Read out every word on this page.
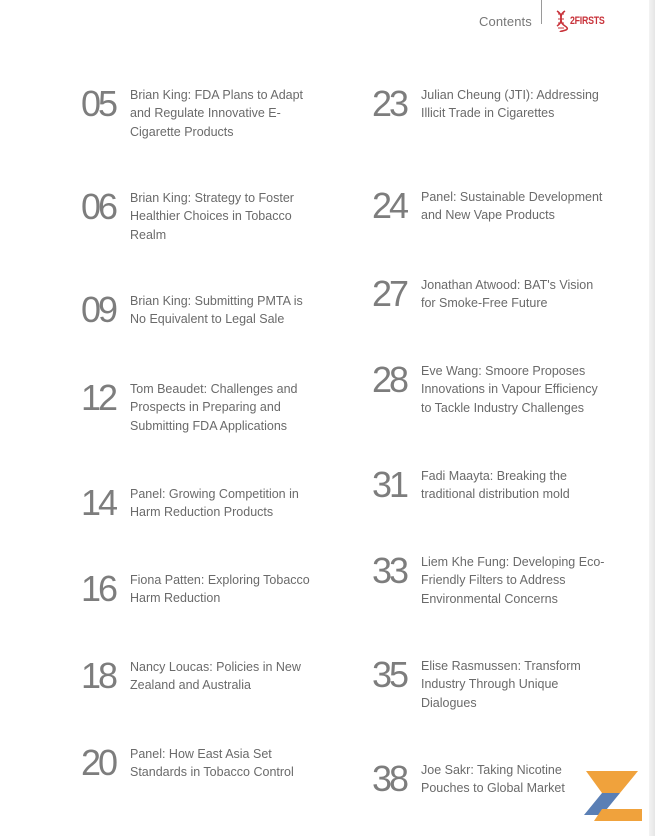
Contents	2FIRSTS
05 Brian King: FDA Plans to Adapt and Regulate Innovative E-Cigarette Products
06 Brian King: Strategy to Foster Healthier Choices in Tobacco Realm
09 Brian King: Submitting PMTA is No Equivalent to Legal Sale
12 Tom Beaudet: Challenges and Prospects in Preparing and Submitting FDA Applications
14 Panel: Growing Competition in Harm Reduction Products
16 Fiona Patten: Exploring Tobacco Harm Reduction
18 Nancy Loucas: Policies in New Zealand and Australia
20 Panel: How East Asia Set Standards in Tobacco Control
23 Julian Cheung (JTI): Addressing Illicit Trade in Cigarettes
24 Panel: Sustainable Development and New Vape Products
27 Jonathan Atwood: BAT's Vision for Smoke-Free Future
28 Eve Wang: Smoore Proposes Innovations in Vapour Efficiency to Tackle Industry Challenges
31 Fadi Maayta: Breaking the traditional distribution mold
33 Liem Khe Fung: Developing Eco-Friendly Filters to Address Environmental Concerns
35 Elise Rasmussen: Transform Industry Through Unique Dialogues
38 Joe Sakr: Taking Nicotine Pouches to Global Market
